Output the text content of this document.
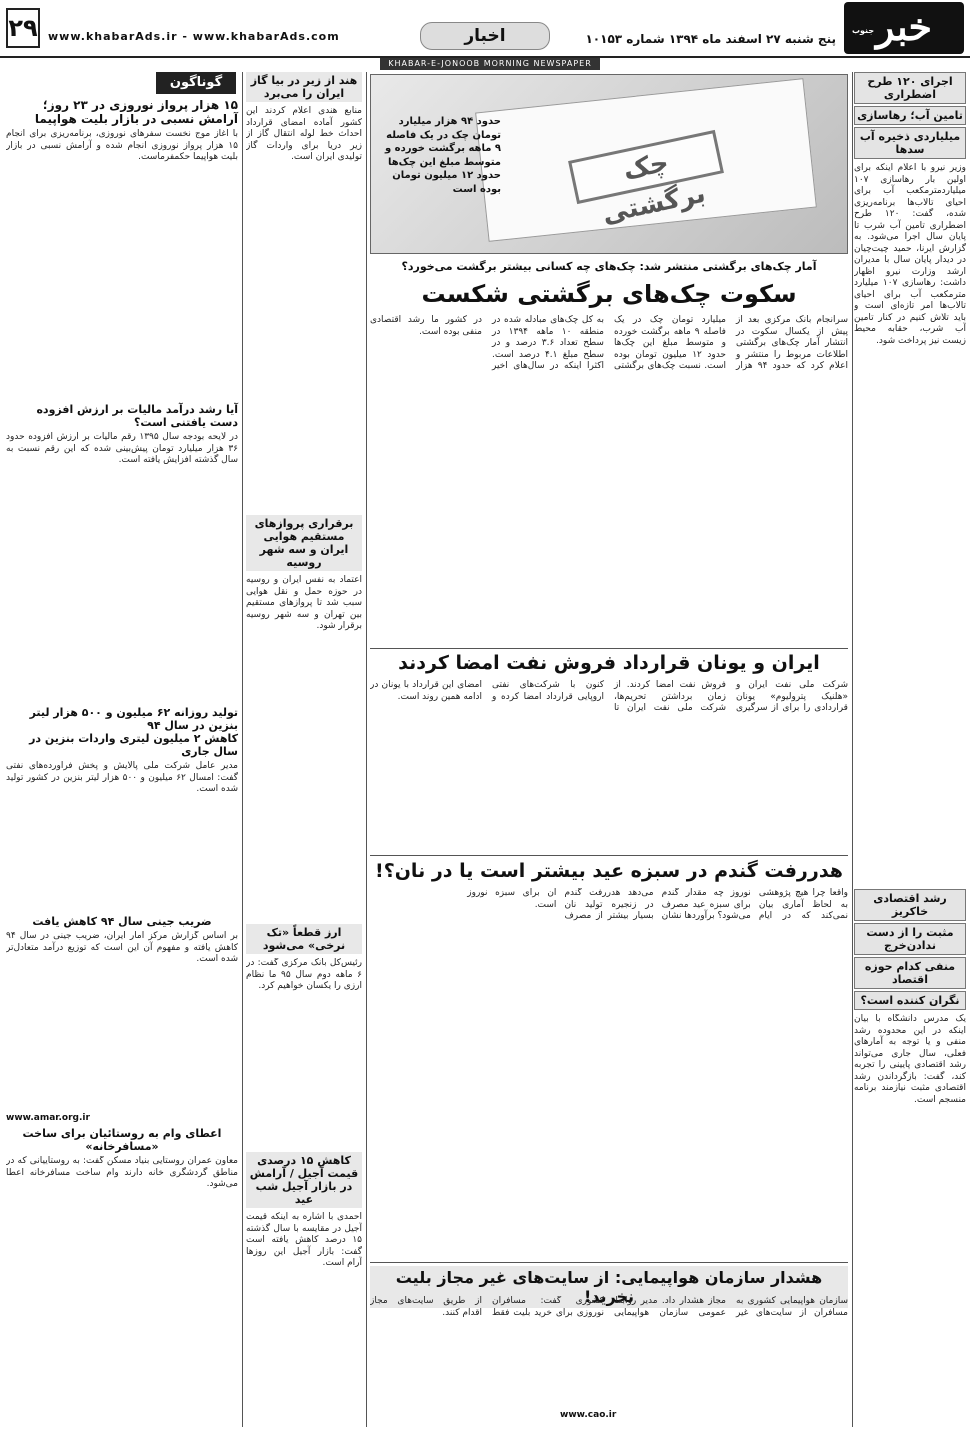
۲۹ www.khabarAds.ir - www.khabarAds.com	اخبار	پنج شنبه ۲۷ اسفند ماه ۱۳۹۴ شماره ۱۰۱۵۳
جنوب خبر
KHABAR-E-JONOOB MORNING NEWSPAPER
اجرای ۱۲۰ طرح اضطراری
تامین آب؛ رهاسازی
میلیاردی ذخیره آب سدها
وزیر نیرو با اعلام اینکه برای اولین بار رهاسازی ۱۰۷ میلیاردمترمکعب آب برای احیای تالاب‌ها برنامه‌ریزی شده، گفت: ۱۲۰ طرح اضطراری تامین آب شرب تا پایان سال اجرا می‌شود. به گزارش ایرنا، حمید چیت‌چیان در دیدار پایان سال با مدیران ارشد وزارت نیرو اظهار داشت: رهاسازی ۱۰۷ میلیارد مترمکعب آب برای احیای تالاب‌ها امر تازه‌ای است و باید تلاش کنیم در کنار تامین آب شرب، حقابه محیط زیست نیز پرداخت شود.
رشد اقتصادی خاکریز
مثبت را از دست ندادن‌خرج
منفی کدام حوزه اقتصاد
نگران کننده است؟
یک مدرس دانشگاه با بیان اینکه در این محدوده رشد منفی و یا توجه به آمارهای فعلی، سال جاری می‌تواند رشد اقتصادی پایینی را تجربه کند، گفت: بازگرداندن رشد اقتصادی مثبت نیازمند برنامه منسجم است.
چک برگشتی
حدود ۹۴ هزار میلیارد تومان چک در یک فاصله ۹ ماهه برگشت خورده و متوسط مبلغ این چک‌ها حدود ۱۲ میلیون تومان بوده است
آمار چک‌های برگشتی منتشر شد: چک‌های چه کسانی بیشتر برگشت می‌خورد؟
سکوت چک‌های برگشتی شکست
سرانجام بانک مرکزی بعد از پیش از یکسال سکوت در انتشار آمار چک‌های برگشتی اطلاعات مربوط را منتشر و اعلام کرد که حدود ۹۴ هزار میلیارد تومان چک در یک فاصله ۹ ماهه برگشت خورده و متوسط مبلغ این چک‌ها حدود ۱۲ میلیون تومان بوده است. نسبت چک‌های برگشتی به کل چک‌های مبادله شده در منطقه ۱۰ ماهه ۱۳۹۴ در سطح تعداد ۳.۶ درصد و در سطح مبلغ ۴.۱ درصد است. اکثرا اینکه در سال‌های اخیر در کشور ما رشد اقتصادی منفی بوده است.
ایران و یونان قرارداد فروش نفت امضا کردند
شرکت ملی نفت ایران و «هلنیک پترولیوم» یونان قراردادی را برای از سرگیری فروش نفت امضا کردند. از زمان برداشتن تحریم‌ها، شرکت ملی نفت ایران تا کنون با شرکت‌های نفتی اروپایی قرارداد امضا کرده و امضای این قرارداد با یونان در ادامه همین روند است.
هدررفت گندم در سبزه عید بیشتر است یا در نان؟!
واقعاً چرا هیچ پژوهشی به لحاظ آماری بیان نمی‌کند که در ایام نوروز چه مقدار گندم برای سبزه عید مصرف می‌شود؟ برآوردها نشان می‌دهد هدررفت گندم در زنجیره تولید نان بسیار بیشتر از مصرف آن برای سبزه نوروز است.
هشدار سازمان هواپیمایی: از سایت‌های غیر مجاز بلیت نخرید!	سازمان هواپیمایی کشوری به مسافران از سایت‌های غیر مجاز هشدار داد. مدیر روابط عمومی سازمان هواپیمایی کشوری گفت: مسافران نوروزی برای خرید بلیت فقط از طریق سایت‌های مجاز اقدام کنند.
www.cao.ir
هند از زیر در بیا گاز ایران را می‌برد
منابع هندی اعلام کردند این کشور آماده امضای قرارداد احداث خط لوله انتقال گاز از زیر دریا برای واردات گاز تولیدی ایران است.
برقراری پروازهای مستقیم هوایی ایران و سه شهر روسیه
اعتماد به نفس ایران و روسیه در حوزه حمل و نقل هوایی سبب شد تا پروازهای مستقیم بین تهران و سه شهر روسیه برقرار شود.
ارز قطعاً «تک نرخی» می‌شود
رئیس‌کل بانک مرکزی گفت: در ۶ ماهه دوم سال ۹۵ ما نظام ارزی را یکسان خواهیم کرد.
کاهش ۱۵ درصدی قیمت آجیل / آرامش در بازار آجیل شب عید
احمدی با اشاره به اینکه قیمت آجیل در مقایسه با سال گذشته ۱۵ درصد کاهش یافته است گفت: بازار آجیل این روزها آرام است.
گوناگون
۱۵ هزار پرواز نوروزی در ۲۳ روز؛
آرامش نسبی در بازار بلیت هواپیما
با آغاز موج نخست سفرهای نوروزی، برنامه‌ریزی برای انجام ۱۵ هزار پرواز نوروزی انجام شده و آرامش نسبی در بازار بلیت هواپیما حکمفرماست.
آیا رشد درآمد مالیات بر ارزش افزوده دست یافتنی است؟
در لایحه بودجه سال ۱۳۹۵ رقم مالیات بر ارزش افزوده حدود ۳۶ هزار میلیارد تومان پیش‌بینی شده که این رقم نسبت به سال گذشته افزایش یافته است.
تولید روزانه ۶۲ میلیون و ۵۰۰ هزار لیتر بنزین در سال ۹۴
کاهش ۲ میلیون لیتری واردات بنزین در سال جاری
مدیر عامل شرکت ملی پالایش و پخش فرآورده‌های نفتی گفت: امسال ۶۲ میلیون و ۵۰۰ هزار لیتر بنزین در کشور تولید شده است.
ضریب جینی سال ۹۴ کاهش یافت
بر اساس گزارش مرکز آمار ایران، ضریب جینی در سال ۹۴ کاهش یافته و مفهوم آن این است که توزیع درآمد متعادل‌تر شده است.
www.amar.org.ir
اعطای وام به روستائیان برای ساخت «مسافرخانه»
معاون عمران روستایی بنیاد مسکن گفت: به روستاییانی که در مناطق گردشگری خانه دارند وام ساخت مسافرخانه اعطا می‌شود.
